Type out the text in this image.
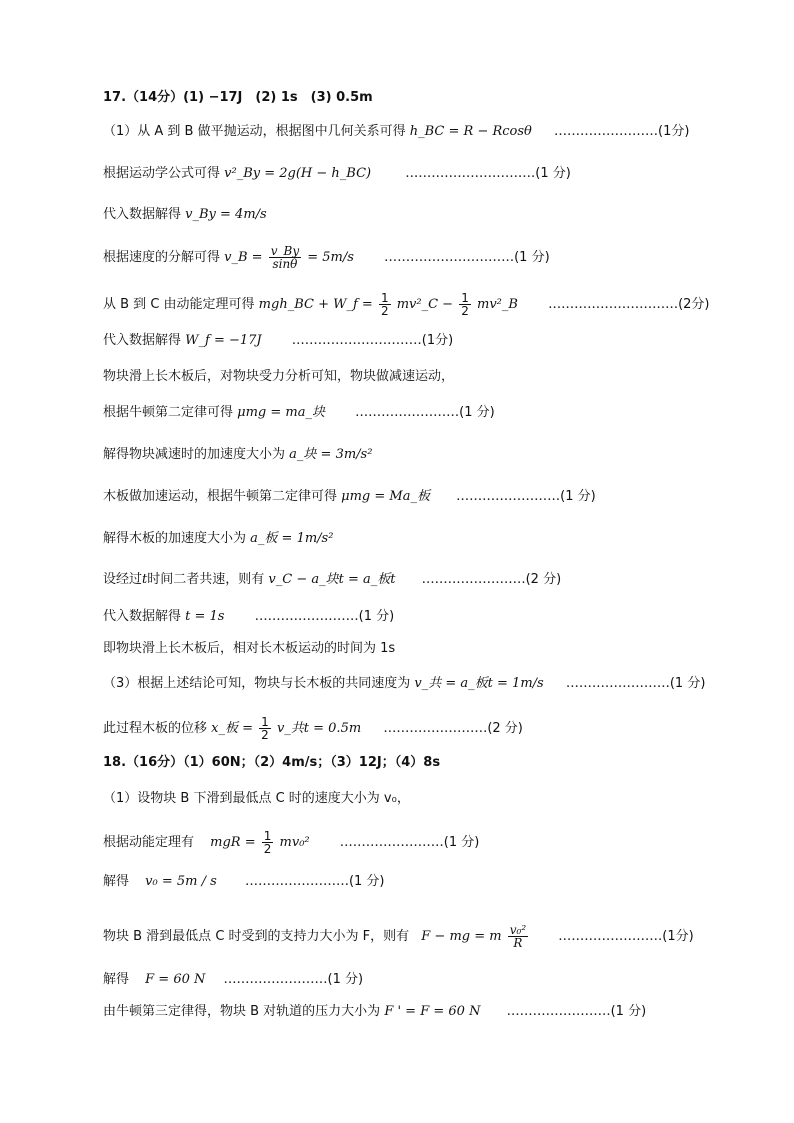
17.（14分）(1) −17J　(2) 1s　(3) 0.5m
（1）从 A 到 B 做平抛运动，根据图中几何关系可得 h_BC = R − Rcosθ ……………………(1分)
根据运动学公式可得 v²_By = 2g(H − h_BC)	…………………………(1 分)
代入数据解得 v_By = 4m/s
根据速度的分解可得 v_B = $\frac{v\_By}{\sin\theta} = 5m/s$ …………………………(1 分)
从 B 到 C 由动能定理可得 mgh_BC + W_f = $\frac{1}{2}$ mv²_C − $\frac{1}{2}$ mv²_B …………………………(2分)
代入数据解得 W_f = −17J …………………………(1分)
物块滑上长木板后，对物块受力分析可知，物块做减速运动，
根据牛顿第二定律可得 μmg = ma_块 ……………………(1 分)
解得物块减速时的加速度大小为 a_块 = 3m/s²
木板做加速运动，根据牛顿第二定律可得 μmg = Ma_板 ……………………(1 分)
解得木板的加速度大小为 a_板 = 1m/s²
设经过t时间二者共速，则有 v_C − a_块t = a_板t ……………………(2 分)
代入数据解得 t = 1s ……………………(1 分)
即物块滑上长木板后，相对长木板运动的时间为 1s
（3）根据上述结论可知，物块与长木板的共同速度为 v_共 = a_板t = 1m/s ……………………(1 分)
此过程木板的位移 x_板 = $\frac{1}{2}$ v_共t = 0.5m ……………………(2 分)
18.（16分）（1）60N；（2）4m/s；（3）12J；（4）8s
（1）设物块 B 下滑到最低点 C 时的速度大小为 v₀，
根据动能定理有 mgR = $\frac{1}{2} mv_0^2$ ……………………(1 分)
解得 v₀ = 5m / s ……………………(1 分)
物块 B 滑到最低点 C 时受到的支持力大小为 F，则有 F − mg = m $\frac{\text{v₀²}}{R}$ ……………………(1分)
解得 F = 60 N ……………………(1 分)
由牛顿第三定律得，物块 B 对轨道的压力大小为 F ' = F = 60 N ……………………(1 分)
